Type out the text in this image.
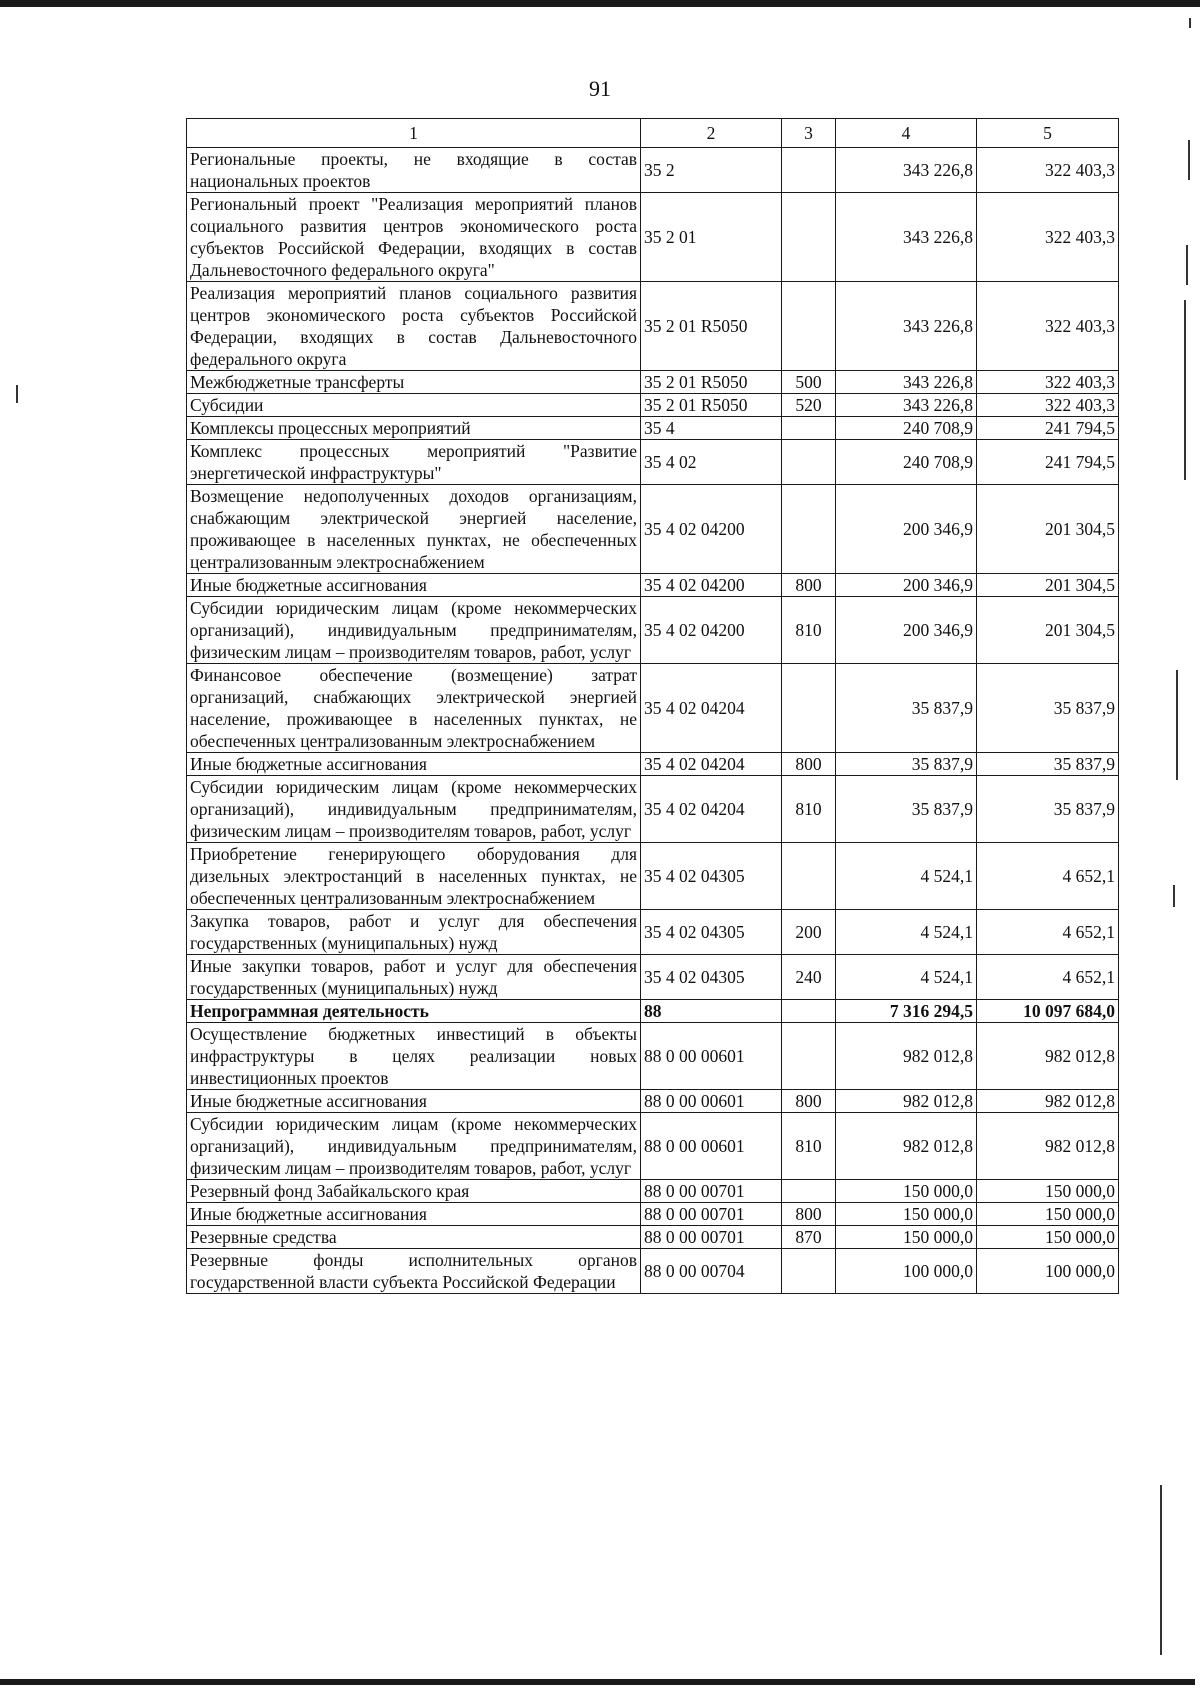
91
1	2	3	4	5
Региональные проекты, не входящие в состав национальных проектов	35 2		343 226,8	322 403,3
Региональный проект "Реализация мероприятий планов социального развития центров экономического роста субъектов Российской Федерации, входящих в состав Дальневосточного федерального округа"	35 2 01		343 226,8	322 403,3
Реализация мероприятий планов социального развития центров экономического роста субъектов Российской Федерации, входящих в состав Дальневосточного федерального округа	35 2 01 R5050		343 226,8	322 403,3
Межбюджетные трансферты	35 2 01 R5050	500	343 226,8	322 403,3
Субсидии	35 2 01 R5050	520	343 226,8	322 403,3
Комплексы процессных мероприятий	35 4		240 708,9	241 794,5
Комплекс процессных мероприятий "Развитие энергетической инфраструктуры"	35 4 02		240 708,9	241 794,5
Возмещение недополученных доходов организациям, снабжающим электрической энергией население, проживающее в населенных пунктах, не обеспеченных централизованным электроснабжением	35 4 02 04200		200 346,9	201 304,5
Иные бюджетные ассигнования	35 4 02 04200	800	200 346,9	201 304,5
Субсидии юридическим лицам (кроме некоммерческих организаций), индивидуальным предпринимателям, физическим лицам – производителям товаров, работ, услуг	35 4 02 04200	810	200 346,9	201 304,5
Финансовое обеспечение (возмещение) затрат организаций, снабжающих электрической энергией население, проживающее в населенных пунктах, не обеспеченных централизованным электроснабжением	35 4 02 04204		35 837,9	35 837,9
Иные бюджетные ассигнования	35 4 02 04204	800	35 837,9	35 837,9
Субсидии юридическим лицам (кроме некоммерческих организаций), индивидуальным предпринимателям, физическим лицам – производителям товаров, работ, услуг	35 4 02 04204	810	35 837,9	35 837,9
Приобретение генерирующего оборудования для дизельных электростанций в населенных пунктах, не обеспеченных централизованным электроснабжением	35 4 02 04305		4 524,1	4 652,1
Закупка товаров, работ и услуг для обеспечения государственных (муниципальных) нужд	35 4 02 04305	200	4 524,1	4 652,1
Иные закупки товаров, работ и услуг для обеспечения государственных (муниципальных) нужд	35 4 02 04305	240	4 524,1	4 652,1
Непрограммная деятельность	88		7 316 294,5	10 097 684,0
Осуществление бюджетных инвестиций в объекты инфраструктуры в целях реализации новых инвестиционных проектов	88 0 00 00601		982 012,8	982 012,8
Иные бюджетные ассигнования	88 0 00 00601	800	982 012,8	982 012,8
Субсидии юридическим лицам (кроме некоммерческих организаций), индивидуальным предпринимателям, физическим лицам – производителям товаров, работ, услуг	88 0 00 00601	810	982 012,8	982 012,8
Резервный фонд Забайкальского края	88 0 00 00701		150 000,0	150 000,0
Иные бюджетные ассигнования	88 0 00 00701	800	150 000,0	150 000,0
Резервные средства	88 0 00 00701	870	150 000,0	150 000,0
Резервные фонды исполнительных органов государственной власти субъекта Российской Федерации	88 0 00 00704		100 000,0	100 000,0
